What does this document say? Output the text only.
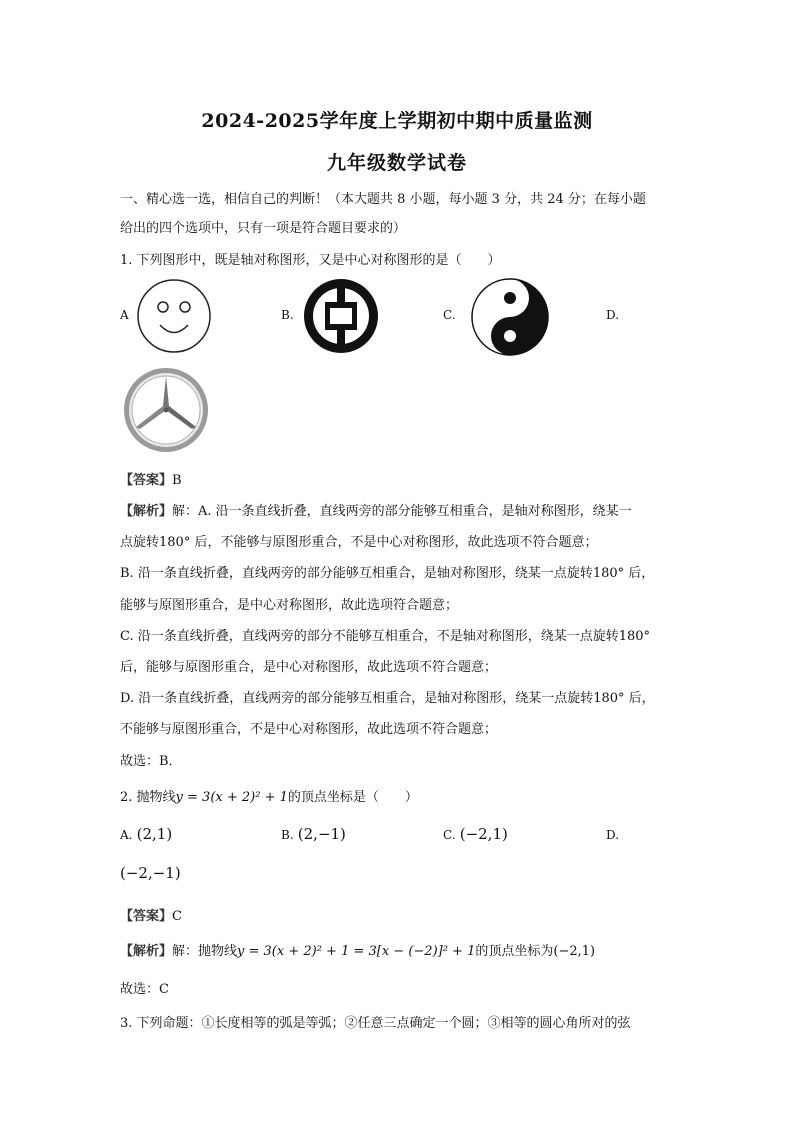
2024-2025学年度上学期初中期中质量监测
九年级数学试卷
一、精心选一选，相信自己的判断！（本大题共 8 小题，每小题 3 分，共 24 分；在每小题
给出的四个选项中，只有一项是符合题目要求的）
1. 下列图形中，既是轴对称图形，又是中心对称图形的是（　　）
A	B.	C.	D.
【答案】B
【解析】解：A. 沿一条直线折叠，直线两旁的部分能够互相重合，是轴对称图形，绕某一
点旋转180° 后，不能够与原图形重合，不是中心对称图形，故此选项不符合题意；
B. 沿一条直线折叠，直线两旁的部分能够互相重合，是轴对称图形，绕某一点旋转180° 后，
能够与原图形重合，是中心对称图形，故此选项符合题意；
C. 沿一条直线折叠，直线两旁的部分不能够互相重合，不是轴对称图形，绕某一点旋转180°
后，能够与原图形重合，是中心对称图形，故此选项不符合题意；
D. 沿一条直线折叠，直线两旁的部分能够互相重合，是轴对称图形，绕某一点旋转180° 后，
不能够与原图形重合，不是中心对称图形，故此选项不符合题意；
故选：B．
2. 抛物线y = 3(x + 2)² + 1的顶点坐标是（　　）
A. (2,1)	B. (2,−1)	C. (−2,1)	D.
(−2,−1)
【答案】C
【解析】解：抛物线y = 3(x + 2)² + 1 = 3[x − (−2)]² + 1的顶点坐标为(−2,1)
故选：C
3. 下列命题：①长度相等的弧是等弧；②任意三点确定一个圆；③相等的圆心角所对的弦
